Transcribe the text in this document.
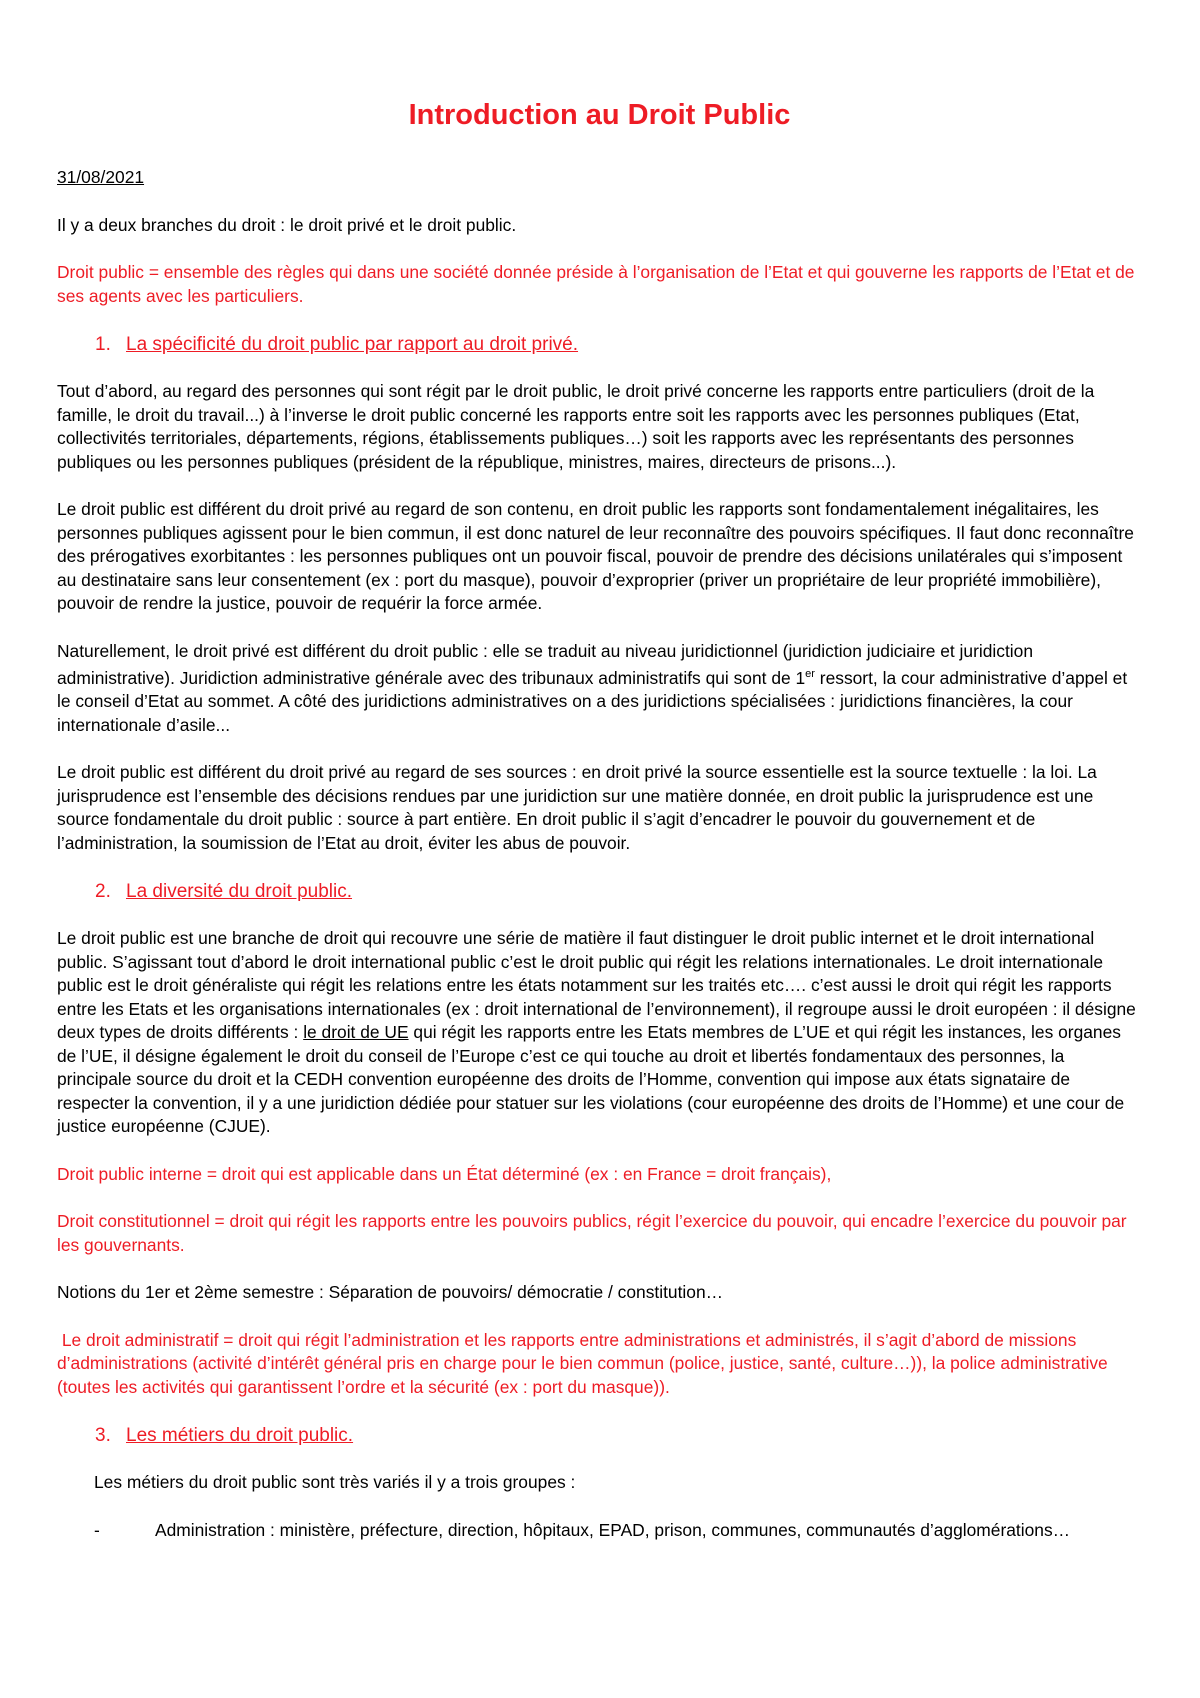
Introduction au Droit Public

31/08/2021

Il y a deux branches du droit : le droit privé et le droit public.

Droit public = ensemble des règles qui dans une société donnée préside à l’organisation de l’Etat et qui gouverne les rapports de l’Etat et de ses agents avec les particuliers.

1. La spécificité du droit public par rapport au droit privé.

Tout d’abord, au regard des personnes qui sont régit par le droit public, le droit privé concerne les rapports entre particuliers (droit de la famille, le droit du travail...) à l’inverse le droit public concerné les rapports entre soit les rapports avec les personnes publiques (Etat, collectivités territoriales, départements, régions, établissements publiques…) soit les rapports avec les représentants des personnes publiques ou les personnes publiques (président de la république, ministres, maires, directeurs de prisons...).

Le droit public est différent du droit privé au regard de son contenu, en droit public les rapports sont fondamentalement inégalitaires, les personnes publiques agissent pour le bien commun, il est donc naturel de leur reconnaître des pouvoirs spécifiques. Il faut donc reconnaître des prérogatives exorbitantes : les personnes publiques ont un pouvoir fiscal, pouvoir de prendre des décisions unilatérales qui s’imposent au destinataire sans leur consentement (ex : port du masque), pouvoir d’exproprier (priver un propriétaire de leur propriété immobilière), pouvoir de rendre la justice, pouvoir de requérir la force armée.

Naturellement, le droit privé est différent du droit public : elle se traduit au niveau juridictionnel (juridiction judiciaire et juridiction administrative). Juridiction administrative générale avec des tribunaux administratifs qui sont de 1er ressort, la cour administrative d’appel et le conseil d’Etat au sommet. A côté des juridictions administratives on a des juridictions spécialisées : juridictions financières, la cour internationale d’asile...

Le droit public est différent du droit privé au regard de ses sources : en droit privé la source essentielle est la source textuelle : la loi. La jurisprudence est l’ensemble des décisions rendues par une juridiction sur une matière donnée, en droit public la jurisprudence est une source fondamentale du droit public : source à part entière. En droit public il s’agit d’encadrer le pouvoir du gouvernement et de l’administration, la soumission de l’Etat au droit, éviter les abus de pouvoir.

2. La diversité du droit public.

Le droit public est une branche de droit qui recouvre une série de matière il faut distinguer le droit public internet et le droit international public. S’agissant tout d’abord le droit international public c’est le droit public qui régit les relations internationales. Le droit internationale public est le droit généraliste qui régit les relations entre les états notamment sur les traités etc…. c’est aussi le droit qui régit les rapports entre les Etats et les organisations internationales (ex : droit international de l’environnement), il regroupe aussi le droit européen : il désigne deux types de droits différents : le droit de UE qui régit les rapports entre les Etats membres de L’UE et qui régit les instances, les organes de l’UE, il désigne également le droit du conseil de l’Europe c’est ce qui touche au droit et libertés fondamentaux des personnes, la principale source du droit et la CEDH convention européenne des droits de l’Homme, convention qui impose aux états signataire de respecter la convention, il y a une juridiction dédiée pour statuer sur les violations (cour européenne des droits de l’Homme) et une cour de justice européenne (CJUE).

Droit public interne = droit qui est applicable dans un État déterminé (ex : en France = droit français),

Droit constitutionnel = droit qui régit les rapports entre les pouvoirs publics, régit l’exercice du pouvoir, qui encadre l’exercice du pouvoir par les gouvernants.

Notions du 1er et 2ème semestre : Séparation de pouvoirs/ démocratie / constitution…

Le droit administratif = droit qui régit l’administration et les rapports entre administrations et administrés, il s’agit d’abord de missions d’administrations (activité d’intérêt général pris en charge pour le bien commun (police, justice, santé, culture…)), la police administrative (toutes les activités qui garantissent l’ordre et la sécurité (ex : port du masque)).

3. Les métiers du droit public.

Les métiers du droit public sont très variés il y a trois groupes :

-	Administration : ministère, préfecture, direction, hôpitaux, EPAD, prison, communes, communautés d’agglomérations…
